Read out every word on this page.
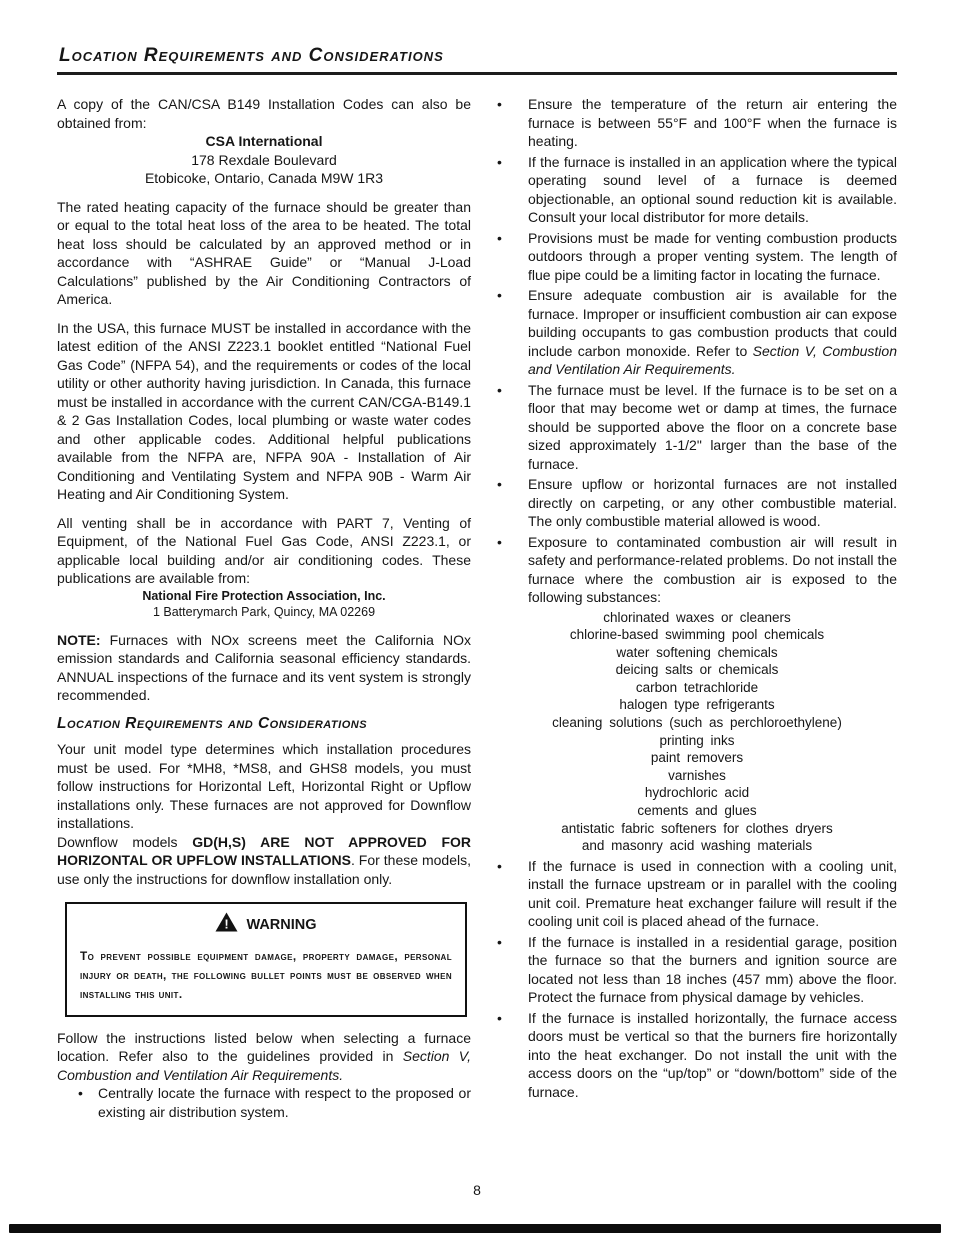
Location Requirements and Considerations

A copy of the CAN/CSA B149 Installation Codes can also be obtained from:

CSA International
178 Rexdale Boulevard
Etobicoke, Ontario, Canada M9W 1R3

The rated heating capacity of the furnace should be greater than or equal to the total heat loss of the area to be heated. The total heat loss should be calculated by an approved method or in accordance with “ASHRAE Guide” or “Manual J-Load Calculations” published by the Air Conditioning Contractors of America.

In the USA, this furnace MUST be installed in accordance with the latest edition of the ANSI Z223.1 booklet entitled “National Fuel Gas Code” (NFPA 54), and the requirements or codes of the local utility or other authority having jurisdiction. In Canada, this furnace must be installed in accordance with the current CAN/CGA-B149.1 & 2 Gas Installation Codes, local plumbing or waste water codes and other applicable codes. Additional helpful publications available from the NFPA are, NFPA 90A - Installation of Air Conditioning and Ventilating System and NFPA 90B - Warm Air Heating and Air Conditioning System.

All venting shall be in accordance with PART 7, Venting of Equipment, of the National Fuel Gas Code, ANSI Z223.1, or applicable local building and/or air conditioning codes. These publications are available from:

National Fire Protection Association, Inc.
1 Batterymarch Park, Quincy, MA 02269

NOTE: Furnaces with NOx screens meet the California NOx emission standards and California seasonal efficiency standards. ANNUAL inspections of the furnace and its vent system is strongly recommended.

Location Requirements and Considerations

Your unit model type determines which installation procedures must be used. For *MH8, *MS8, and GHS8 models, you must follow instructions for Horizontal Left, Horizontal Right or Upflow installations only. These furnaces are not approved for Downflow installations.

Downflow models GD(H,S) ARE NOT APPROVED FOR HORIZONTAL OR UPFLOW INSTALLATIONS. For these models, use only the instructions for downflow installation only.

! WARNING

To prevent possible equipment damage, property damage, personal injury or death, the following bullet points must be observed when installing this unit.

Follow the instructions listed below when selecting a furnace location. Refer also to the guidelines provided in Section V, Combustion and Ventilation Air Requirements.

•	Centrally locate the furnace with respect to the proposed or existing air distribution system.
•	Ensure the temperature of the return air entering the furnace is between 55°F and 100°F when the furnace is heating.
•	If the furnace is installed in an application where the typical operating sound level of a furnace is deemed objectionable, an optional sound reduction kit is available. Consult your local distributor for more details.
•	Provisions must be made for venting combustion products outdoors through a proper venting system. The length of flue pipe could be a limiting factor in locating the furnace.
•	Ensure adequate combustion air is available for the furnace. Improper or insufficient combustion air can expose building occupants to gas combustion products that could include carbon monoxide. Refer to Section V, Combustion and Ventilation Air Requirements.
•	The furnace must be level. If the furnace is to be set on a floor that may become wet or damp at times, the furnace should be supported above the floor on a concrete base sized approximately 1-1/2" larger than the base of the furnace.
•	Ensure upflow or horizontal furnaces are not installed directly on carpeting, or any other combustible material. The only combustible material allowed is wood.
•	Exposure to contaminated combustion air will result in safety and performance-related problems. Do not install the furnace where the combustion air is exposed to the following substances:
chlorinated waxes or cleaners
chlorine-based swimming pool chemicals
water softening chemicals
deicing salts or chemicals
carbon tetrachloride
halogen type refrigerants
cleaning solutions (such as perchloroethylene)
printing inks
paint removers
varnishes
hydrochloric acid
cements and glues
antistatic fabric softeners for clothes dryers
and masonry acid washing materials
•	If the furnace is used in connection with a cooling unit, install the furnace upstream or in parallel with the cooling unit coil. Premature heat exchanger failure will result if the cooling unit coil is placed ahead of the furnace.
•	If the furnace is installed in a residential garage, position the furnace so that the burners and ignition source are located not less than 18 inches (457 mm) above the floor. Protect the furnace from physical damage by vehicles.
•	If the furnace is installed horizontally, the furnace access doors must be vertical so that the burners fire horizontally into the heat exchanger. Do not install the unit with the access doors on the “up/top” or “down/bottom” side of the furnace.
8
